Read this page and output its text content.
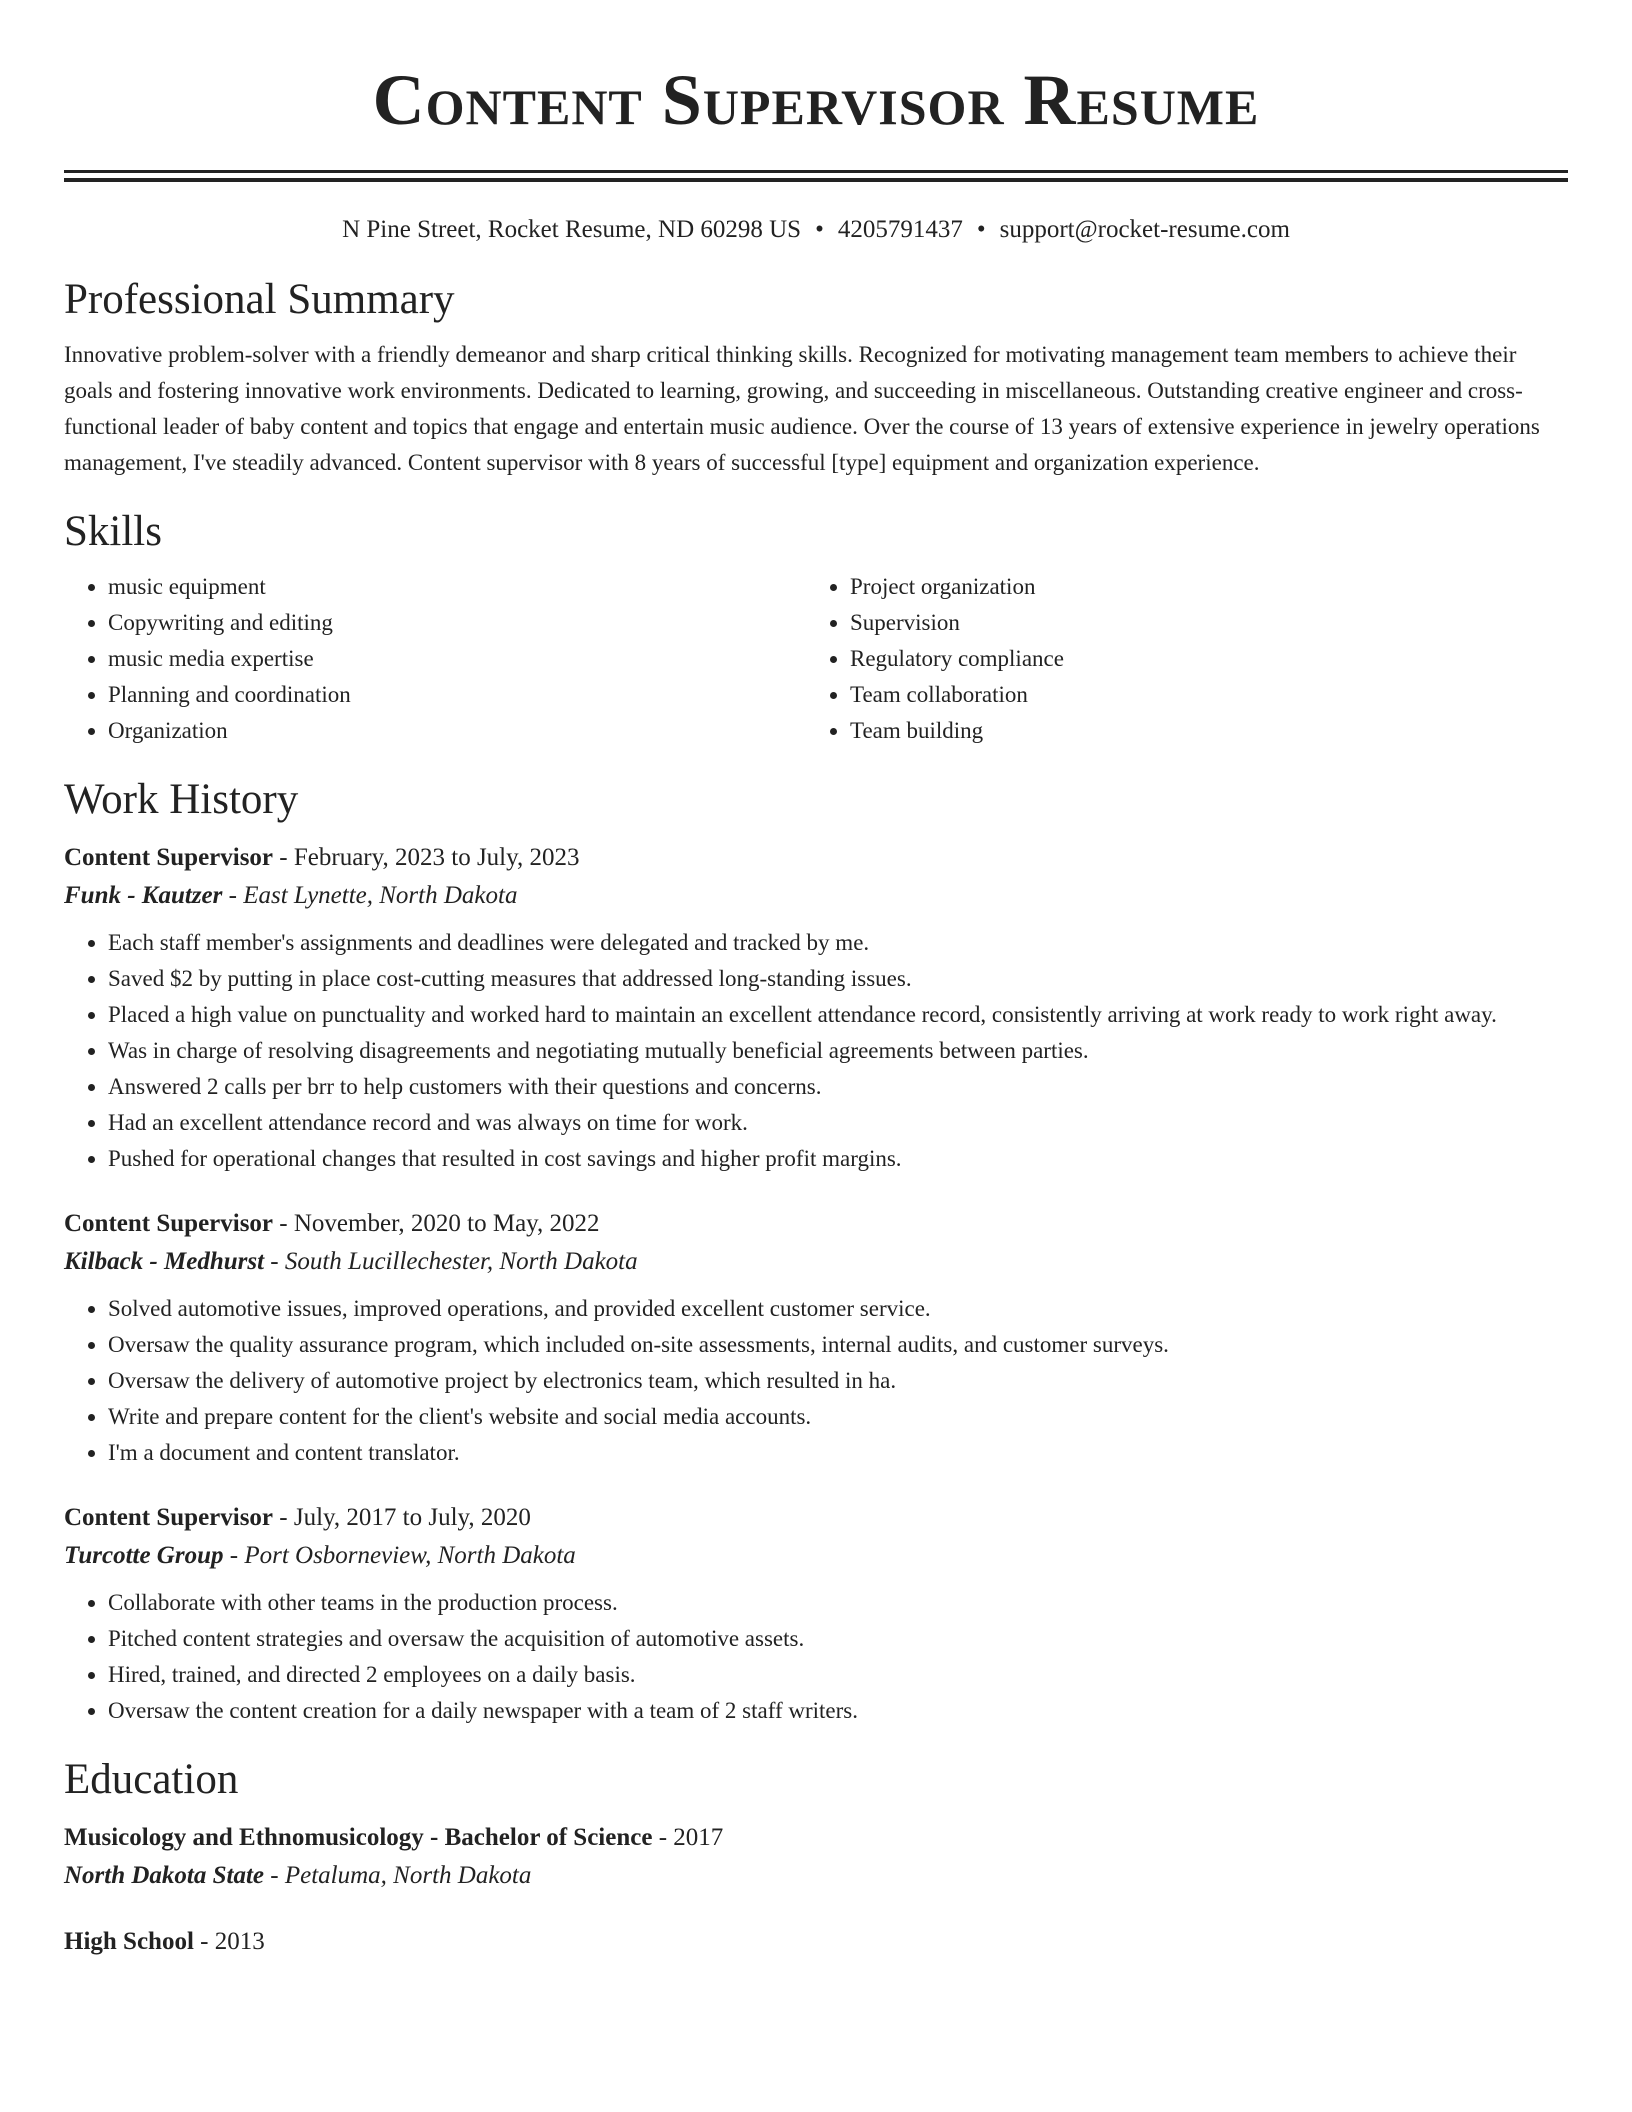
Content Supervisor Resume
N Pine Street, Rocket Resume, ND 60298 US • 4205791437 • support@rocket-resume.com
Professional Summary

Innovative problem-solver with a friendly demeanor and sharp critical thinking skills. Recognized for motivating management team members to achieve their goals and fostering innovative work environments. Dedicated to learning, growing, and succeeding in miscellaneous. Outstanding creative engineer and cross-functional leader of baby content and topics that engage and entertain music audience. Over the course of 13 years of extensive experience in jewelry operations management, I've steadily advanced. Content supervisor with 8 years of successful [type] equipment and organization experience.

Skills
• music equipment
• Copywriting and editing
• music media expertise
• Planning and coordination
• Organization
• Project organization
• Supervision
• Regulatory compliance
• Team collaboration
• Team building
Work History
Content Supervisor - February, 2023 to July, 2023
Funk - Kautzer - East Lynette, North Dakota
• Each staff member's assignments and deadlines were delegated and tracked by me.
• Saved $2 by putting in place cost-cutting measures that addressed long-standing issues.
• Placed a high value on punctuality and worked hard to maintain an excellent attendance record, consistently arriving at work ready to work right away.
• Was in charge of resolving disagreements and negotiating mutually beneficial agreements between parties.
• Answered 2 calls per brr to help customers with their questions and concerns.
• Had an excellent attendance record and was always on time for work.
• Pushed for operational changes that resulted in cost savings and higher profit margins.
Content Supervisor - November, 2020 to May, 2022
Kilback - Medhurst - South Lucillechester, North Dakota
• Solved automotive issues, improved operations, and provided excellent customer service.
• Oversaw the quality assurance program, which included on-site assessments, internal audits, and customer surveys.
• Oversaw the delivery of automotive project by electronics team, which resulted in ha.
• Write and prepare content for the client's website and social media accounts.
• I'm a document and content translator.
Content Supervisor - July, 2017 to July, 2020
Turcotte Group - Port Osborneview, North Dakota
• Collaborate with other teams in the production process.
• Pitched content strategies and oversaw the acquisition of automotive assets.
• Hired, trained, and directed 2 employees on a daily basis.
• Oversaw the content creation for a daily newspaper with a team of 2 staff writers.
Education
Musicology and Ethnomusicology - Bachelor of Science - 2017
North Dakota State - Petaluma, North Dakota
High School - 2013
